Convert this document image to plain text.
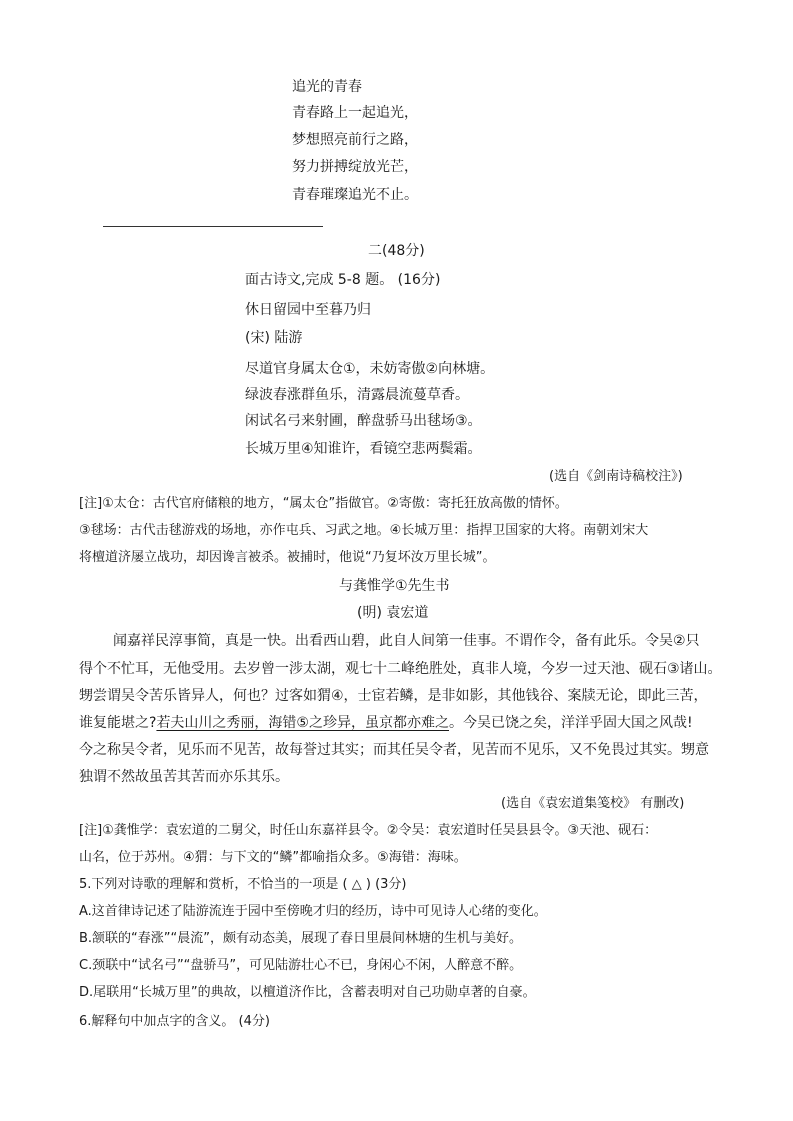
追光的青春
青春路上一起追光，
梦想照亮前行之路，
努力拼搏绽放光芒，
青春璀璨追光不止。
二(48分)
面古诗文,完成 5-8 题。 (16分)
休日留园中至暮乃归
(宋) 陆游
尽道官身属太仓①，未妨寄傲②向林塘。
绿波春涨群鱼乐，清露晨流蔓草香。
闲试名弓来射圃，醉盘骄马出毬场③。
长城万里④知谁许，看镜空悲两鬓霜。
(选自《剑南诗稿校注》)
[注]①太仓：古代官府储粮的地方，“属太仓”指做官。②寄傲：寄托狂放高傲的情怀。
③毬场：古代击毬游戏的场地，亦作屯兵、习武之地。④长城万里：指捍卫国家的大将。南朝刘宋大
将檀道济屡立战功，却因谗言被杀。被捕时，他说“乃复坏汝万里长城”。
与龚惟学①先生书
(明) 袁宏道
闻嘉祥民淳事简，真是一快。出看西山碧，此自人间第一佳事。不谓作令，备有此乐。令吴②只
得个不忙耳，无他受用。去岁曾一涉太湖，观七十二峰绝胜处，真非人境，今岁一过天池、砚石③诸山。
甥尝谓吴令苦乐皆异人，何也？过客如猬④，士宦若鳞，是非如影，其他钱谷、案牍无论，即此三苦，
谁复能堪之?若夫山川之秀丽，海错⑤之珍异，虽京都亦难之。今吴已饶之矣，洋洋乎固大国之风哉!
今之称吴令者，见乐而不见苦，故每誉过其实；而其任吴令者，见苦而不见乐，又不免畏过其实。甥意
独谓不然故虽苦其苦而亦乐其乐。
(选自《袁宏道集笺校》 有删改)
[注]①龚惟学：袁宏道的二舅父，时任山东嘉祥县令。②令吴：袁宏道时任吴县县令。③天池、砚石：
山名，位于苏州。④猬：与下文的“鳞”都喻指众多。⑤海错：海味。
5.下列对诗歌的理解和赏析，不恰当的一项是 ( △ ) (3分)
A.这首律诗记述了陆游流连于园中至傍晚才归的经历，诗中可见诗人心绪的变化。
B.颔联的“春涨”“晨流”，颇有动态美，展现了春日里晨间林塘的生机与美好。
C.颈联中“试名弓”“盘骄马”，可见陆游壮心不已，身闲心不闲，人醉意不醉。
D.尾联用“长城万里”的典故，以檀道济作比，含蓄表明对自己功勋卓著的自豪。
6.解释句中加点字的含义。 (4分)
